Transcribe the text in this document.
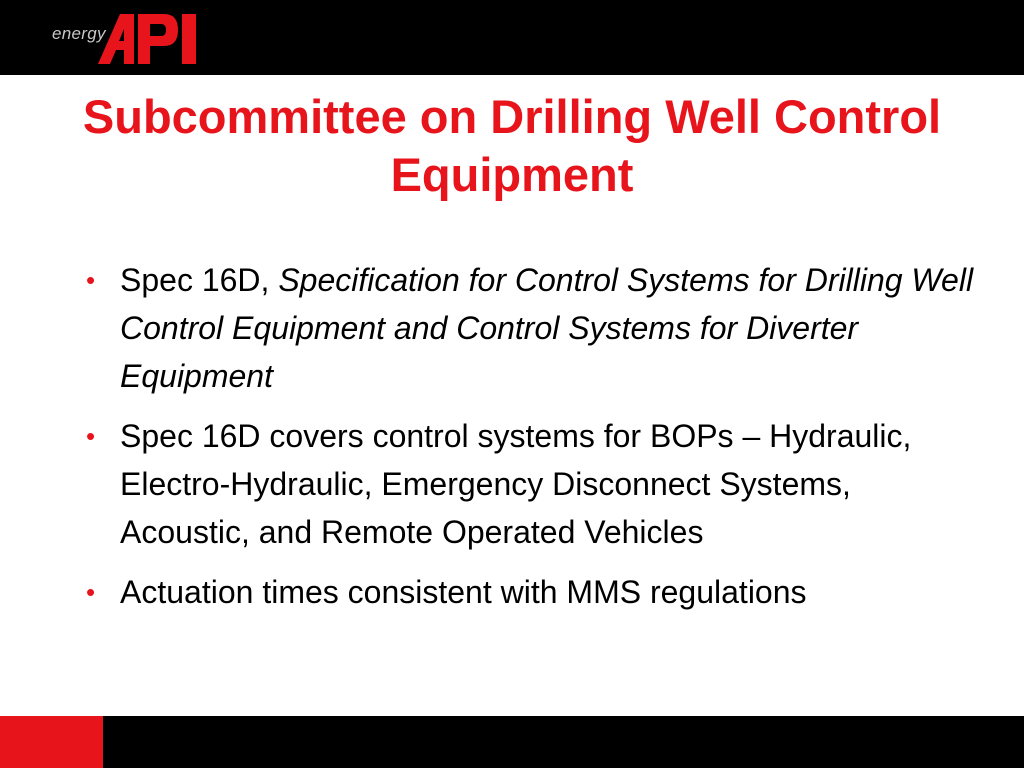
energy
Subcommittee on Drilling Well Control Equipment
• Spec 16D, Specification for Control Systems for Drilling Well Control Equipment and Control Systems for Diverter Equipment
• Spec 16D covers control systems for BOPs – Hydraulic, Electro-Hydraulic, Emergency Disconnect Systems, Acoustic, and Remote Operated Vehicles
• Actuation times consistent with MMS regulations
